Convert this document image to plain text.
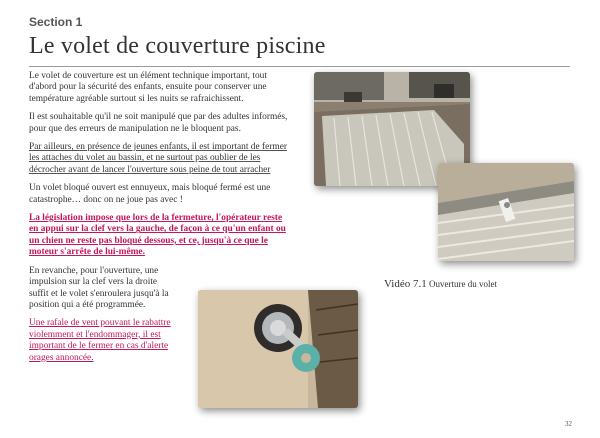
Section 1
Le volet de couverture piscine

Le volet de couverture est un élément technique important, tout d'abord pour la sécurité des enfants, ensuite pour conserver une température agréable surtout si les nuits se rafraichissent.

Il est souhaitable qu'il ne soit manipulé que par des adultes informés, pour que des erreurs de manipulation ne le bloquent pas.

Par ailleurs, en présence de jeunes enfants, il est important de fermer les attaches du volet au bassin, et ne surtout pas oublier de les décrocher avant de lancer l'ouverture sous peine de tout arracher

Un volet bloqué ouvert est ennuyeux, mais bloqué fermé est une catastrophe… donc on ne joue pas avec !

La législation impose que lors de la fermeture, l'opérateur reste en appui sur la clef vers la gauche, de façon à ce qu'un enfant ou un chien ne reste pas bloqué dessous, et ce, jusqu'à ce que le moteur s'arrête de lui-même.

En revanche, pour l'ouverture, une impulsion sur la clef vers la droite suffit et le volet s'enroulera jusqu'à la position qui a été programmée.

Une rafale de vent pouvant le rabattre violemment et l'endommager, il est important de le fermer en cas d'alerte orages annoncée.

Vidéo 7.1 Ouverture du volet
32
